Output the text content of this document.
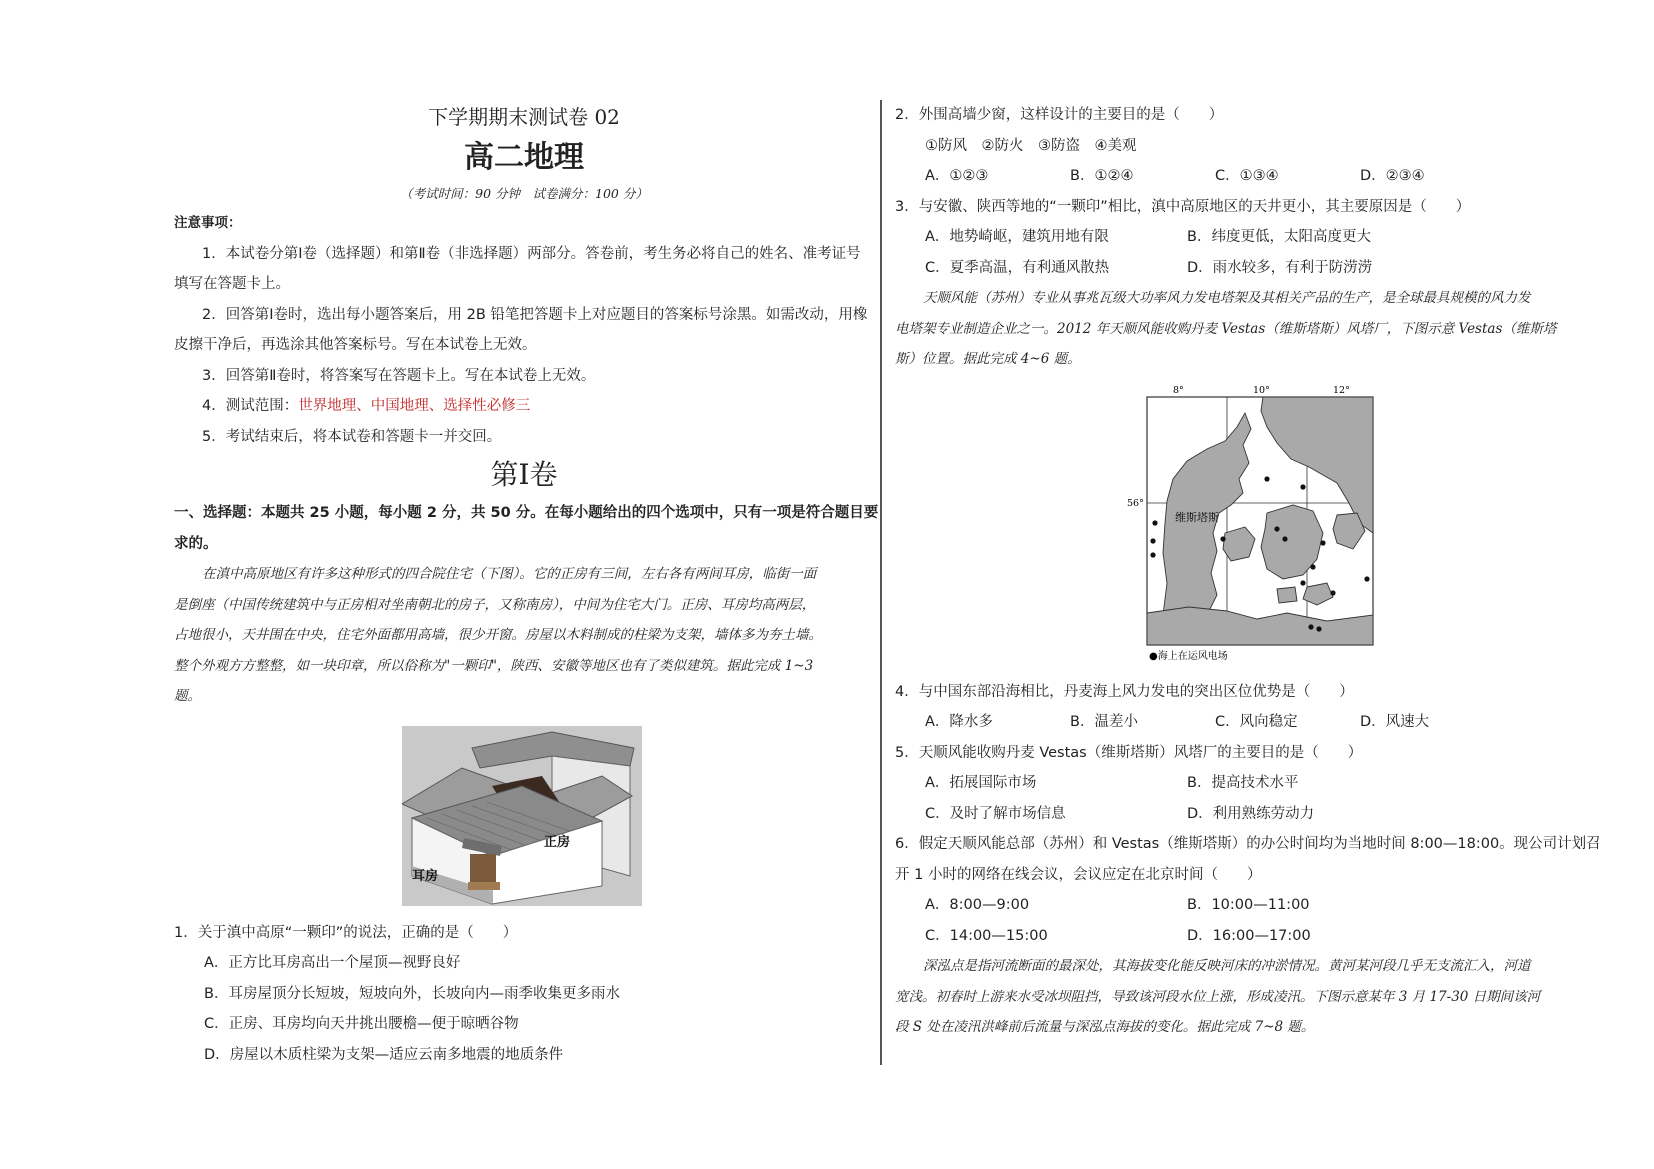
下学期期末测试卷 02
高二地理
（考试时间：90 分钟　试卷满分：100 分）
注意事项：
1．本试卷分第Ⅰ卷（选择题）和第Ⅱ卷（非选择题）两部分。答卷前，考生务必将自己的姓名、准考证号
填写在答题卡上。
2．回答第Ⅰ卷时，选出每小题答案后，用 2B 铅笔把答题卡上对应题目的答案标号涂黑。如需改动，用橡
皮擦干净后，再选涂其他答案标号。写在本试卷上无效。
3．回答第Ⅱ卷时，将答案写在答题卡上。写在本试卷上无效。
4．测试范围：世界地理、中国地理、选择性必修三
5．考试结束后，将本试卷和答题卡一并交回。
第Ⅰ卷
一、选择题：本题共 25 小题，每小题 2 分，共 50 分。在每小题给出的四个选项中，只有一项是符合题目要
求的。
在滇中高原地区有许多这种形式的四合院住宅（下图）。它的正房有三间，左右各有两间耳房，临街一面
是倒座（中国传统建筑中与正房相对坐南朝北的房子，又称南房），中间为住宅大门。正房、耳房均高两层，
占地很小，天井围在中央，住宅外面都用高墙，很少开窗。房屋以木料制成的柱梁为支架，墙体多为夯土墙。
整个外观方方整整，如一块印章，所以俗称为"一颗印"，陕西、安徽等地区也有了类似建筑。据此完成 1~3
题。
正房
耳房
1．关于滇中高原“一颗印”的说法，正确的是（　　）
A．正方比耳房高出一个屋顶—视野良好
B．耳房屋顶分长短坡，短坡向外，长坡向内—雨季收集更多雨水
C．正房、耳房均向天井挑出腰檐—便于晾晒谷物
D．房屋以木质柱梁为支架—适应云南多地震的地质条件
2．外围高墙少窗，这样设计的主要目的是（　　）
①防风　②防火　③防盗　④美观
A．①②③	B．①②④	C．①③④	D．②③④
3．与安徽、陕西等地的“一颗印”相比，滇中高原地区的天井更小，其主要原因是（　　）
A．地势崎岖，建筑用地有限	B．纬度更低，太阳高度更大
C．夏季高温，有利通风散热	D．雨水较多，有利于防涝涝
天顺风能（苏州）专业从事兆瓦级大功率风力发电塔架及其相关产品的生产，是全球最具规模的风力发
电塔架专业制造企业之一。2012 年天顺风能收购丹麦 Vestas（维斯塔斯）风塔厂，下图示意 Vestas（维斯塔
斯）位置。据此完成 4~6 题。
8°	10°	12°
56°
维斯塔斯
●海上在运风电场
4．与中国东部沿海相比，丹麦海上风力发电的突出区位优势是（　　）
A．降水多	B．温差小	C．风向稳定	D．风速大
5．天顺风能收购丹麦 Vestas（维斯塔斯）风塔厂的主要目的是（　　）
A．拓展国际市场	B．提高技术水平
C．及时了解市场信息	D．利用熟练劳动力
6．假定天顺风能总部（苏州）和 Vestas（维斯塔斯）的办公时间均为当地时间 8:00—18:00。现公司计划召
开 1 小时的网络在线会议，会议应定在北京时间（　　）
A．8:00—9:00	B．10:00—11:00
C．14:00—15:00	D．16:00—17:00
深泓点是指河流断面的最深处，其海拔变化能反映河床的冲淤情况。黄河某河段几乎无支流汇入，河道
宽浅。初春时上游来水受冰坝阻挡，导致该河段水位上涨，形成凌汛。下图示意某年 3 月 17-30 日期间该河
段 S 处在凌汛洪峰前后流量与深泓点海拔的变化。据此完成 7~8 题。
